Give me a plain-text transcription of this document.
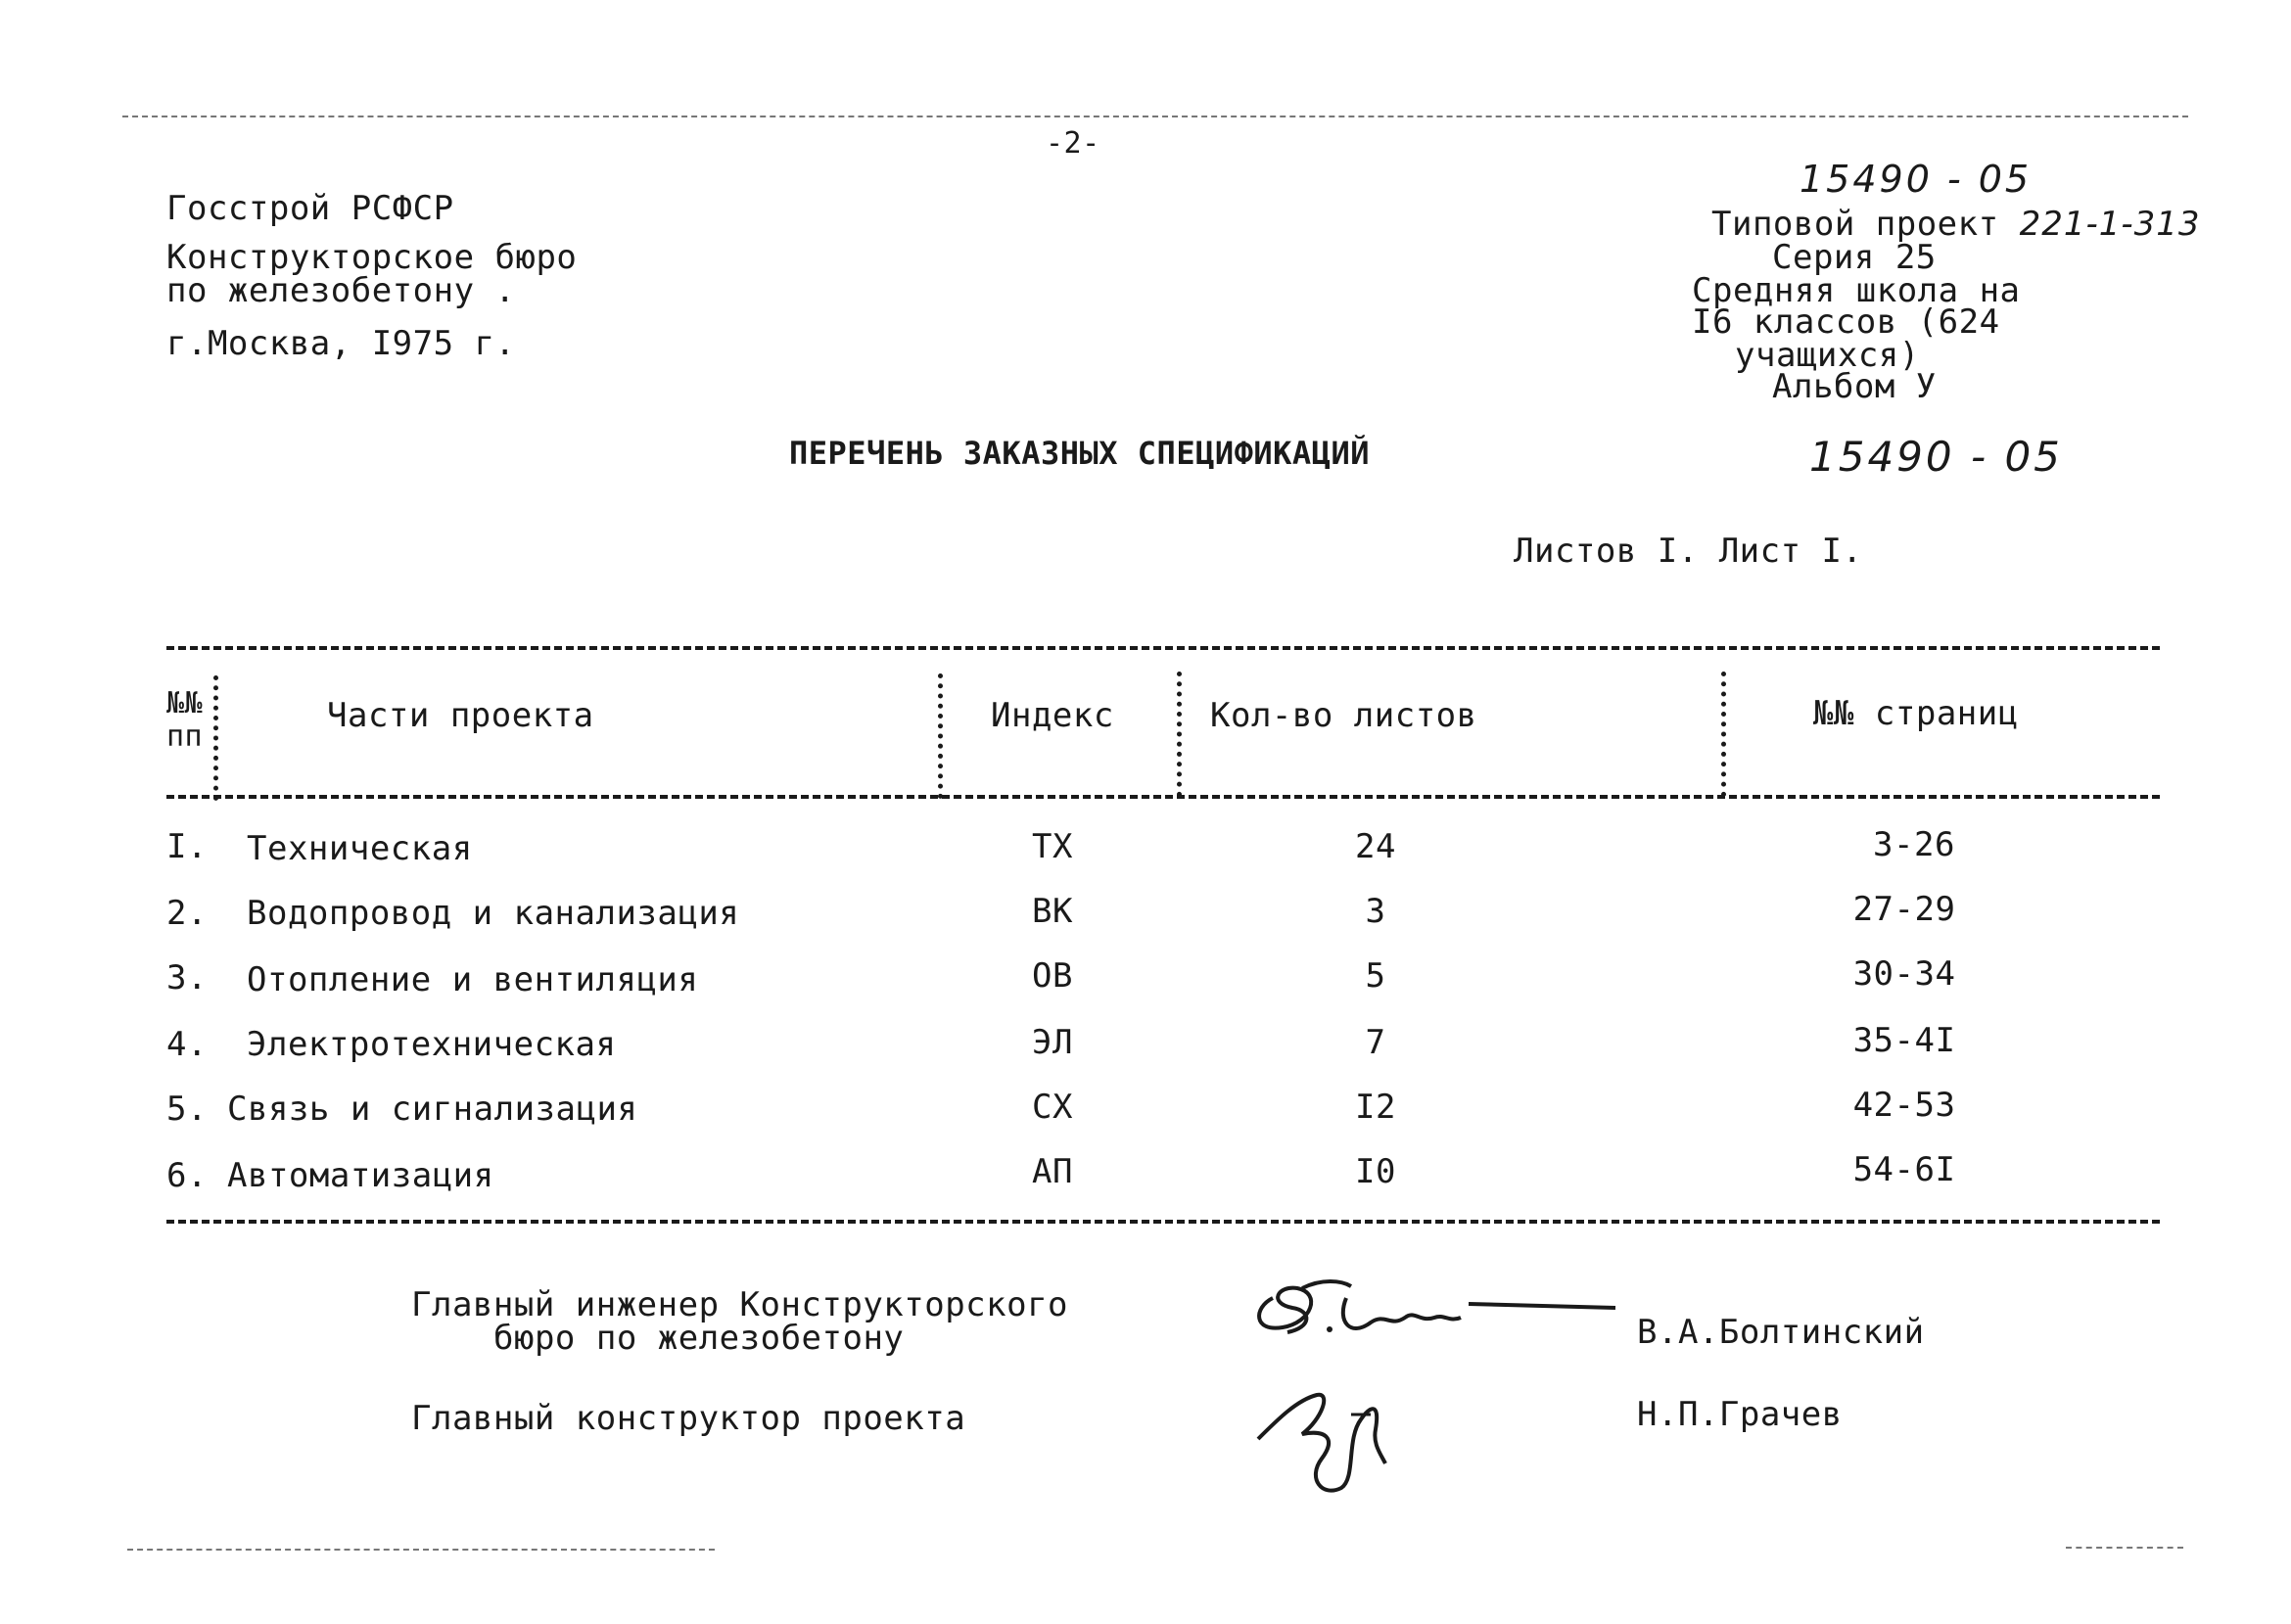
-2-
15490 - 05
15490 - 05
Госстрой РСФСР
Конструкторское бюро
по железобетону .
г.Москва, I975 г.
Типовой проект 221-1-313
Серия 25
Средняя школа на
I6 классов (624
учащихся)
Альбом У
ПЕРЕЧЕНЬ ЗАКАЗНЫХ СПЕЦИФИКАЦИЙ
Листов I. Лист I.
№№
пп
Части проекта	Индекс	Кол-во листов	№№ страниц
I. Техническая	ТХ	24	3-26
2. Водопровод и канализация	ВК	3	27-29
3. Отопление и вентиляция	ОВ	5	30-34
4. Электротехническая	ЭЛ	7	35-4I
5. Связь и сигнализация	СХ	I2	42-53
6. Автоматизация	АП	I0	54-6I
Главный инженер Конструкторского
бюро по железобетону	В.А.Болтинский
Главный конструктор проекта	Н.П.Грачев
